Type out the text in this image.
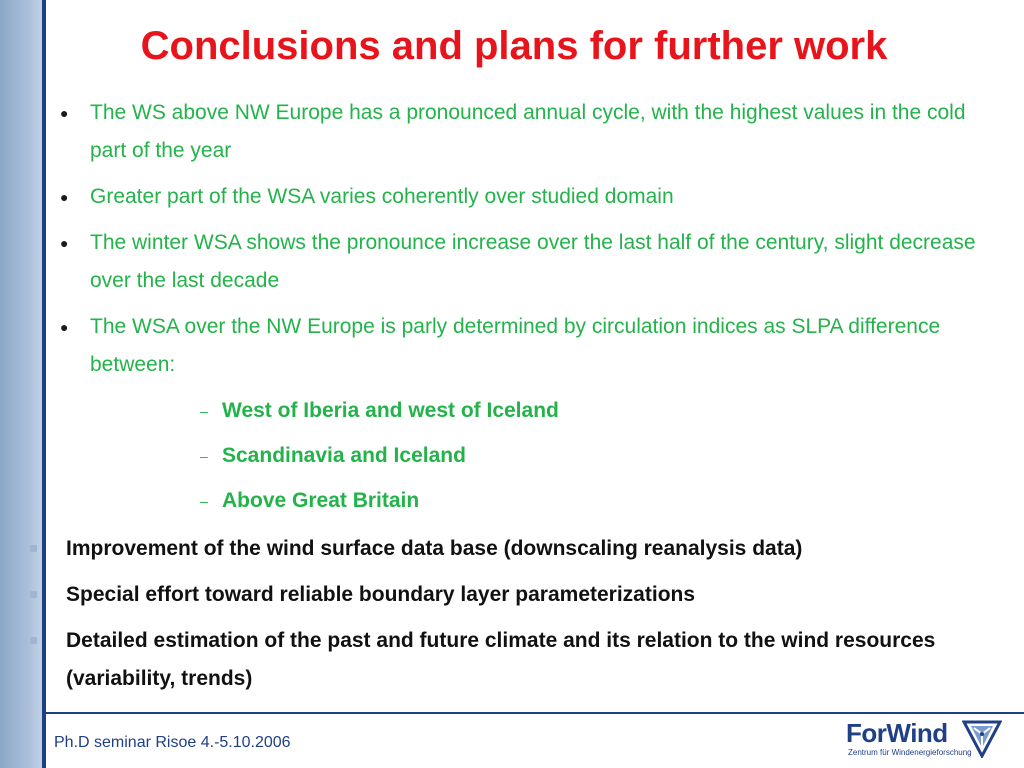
Conclusions and plans for further work
● The WS above NW Europe has a pronounced annual cycle, with the highest values in the cold part of the year
● Greater part of the WSA varies coherently over studied domain
● The winter WSA shows the pronounce increase over the last half of the century, slight decrease over the last decade
● The WSA over the NW Europe is parly determined by circulation indices as SLPA difference between:
– West of Iberia and west of Iceland
– Scandinavia and Iceland
– Above Great Britain
Improvement of the wind surface data base (downscaling reanalysis data)
Special effort toward reliable boundary layer parameterizations
Detailed estimation of the past and future climate and its relation to the wind resources (variability, trends)
Ph.D seminar Risoe 4.-5.10.2006	ForWind
Zentrum für Windenergieforschung
